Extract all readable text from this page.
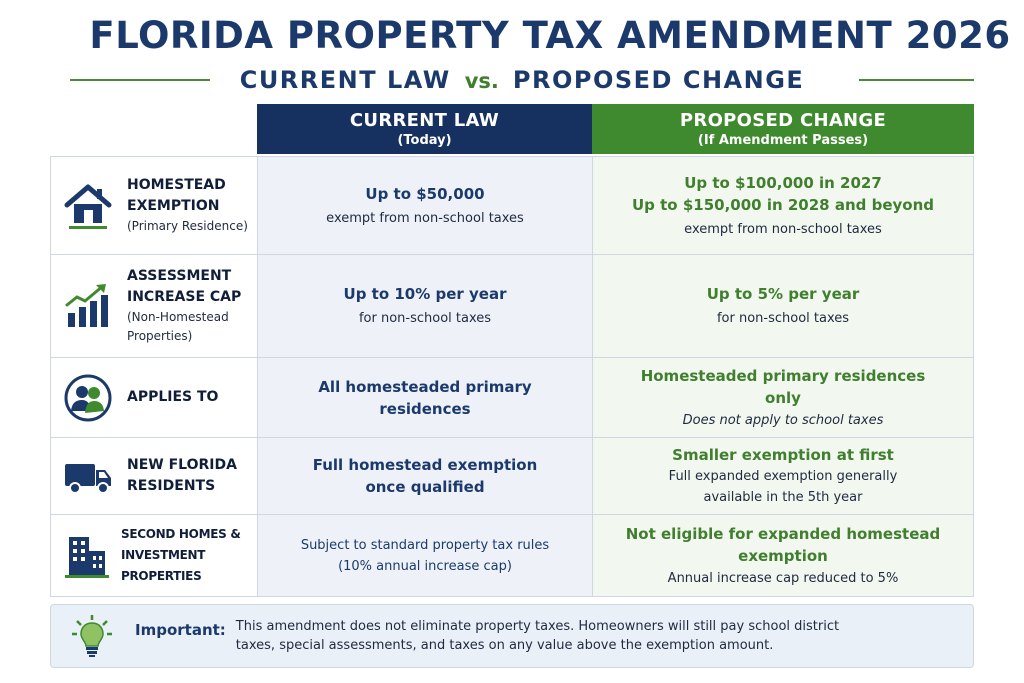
FLORIDA PROPERTY TAX AMENDMENT 2026
CURRENT LAW vs. PROPOSED CHANGE
CURRENT LAW
(Today)
PROPOSED CHANGE
(If Amendment Passes)
HOMESTEAD
EXEMPTION
(Primary Residence)
Up to $50,000
exempt from non-school taxes
Up to $100,000 in 2027
Up to $150,000 in 2028 and beyond
exempt from non-school taxes
ASSESSMENT
INCREASE CAP
(Non-Homestead
Properties)
Up to 10% per year
for non-school taxes
Up to 5% per year
for non-school taxes
APPLIES TO
All homesteaded primary
residences
Homesteaded primary residences
only
Does not apply to school taxes
NEW FLORIDA
RESIDENTS
Full homestead exemption
once qualified
Smaller exemption at first
Full expanded exemption generally
available in the 5th year
SECOND HOMES &
INVESTMENT PROPERTIES
Subject to standard property tax rules
(10% annual increase cap)
Not eligible for expanded homestead
exemption
Annual increase cap reduced to 5%
Important: This amendment does not eliminate property taxes. Homeowners will still pay school district
taxes, special assessments, and taxes on any value above the exemption amount.
